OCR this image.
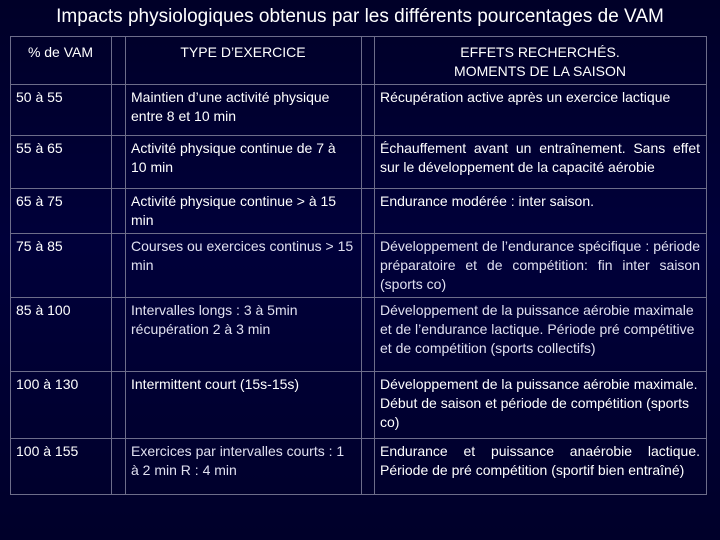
Impacts physiologiques obtenus par les différents pourcentages de VAM
% de VAM		TYPE D’EXERCICE		EFFETS RECHERCHÉS.
MOMENTS DE LA SAISON
50 à 55		Maintien d’une activité physique entre 8 et 10 min		Récupération active après un exercice lactique
55 à 65		Activité physique continue de 7 à 10 min		Échauffement avant un entraînement. Sans effet sur le développement de la capacité aérobie
65 à 75		Activité physique continue > à 15 min		Endurance modérée : inter saison.
75 à 85		Courses ou exercices continus > 15 min		Développement de l’endurance spécifique : période préparatoire et de compétition: fin inter saison (sports co)
85 à 100		Intervalles longs : 3 à 5min récupération 2 à 3 min		Développement de la puissance aérobie maximale et de l’endurance lactique. Période pré compétitive et de compétition (sports collectifs)
100 à 130		Intermittent court (15s-15s)		Développement de la puissance aérobie maximale. Début de saison et période de compétition (sports co)
100 à 155		Exercices par intervalles courts : 1 à 2 min R : 4 min		Endurance et puissance anaérobie lactique. Période de pré compétition (sportif bien entraîné)
